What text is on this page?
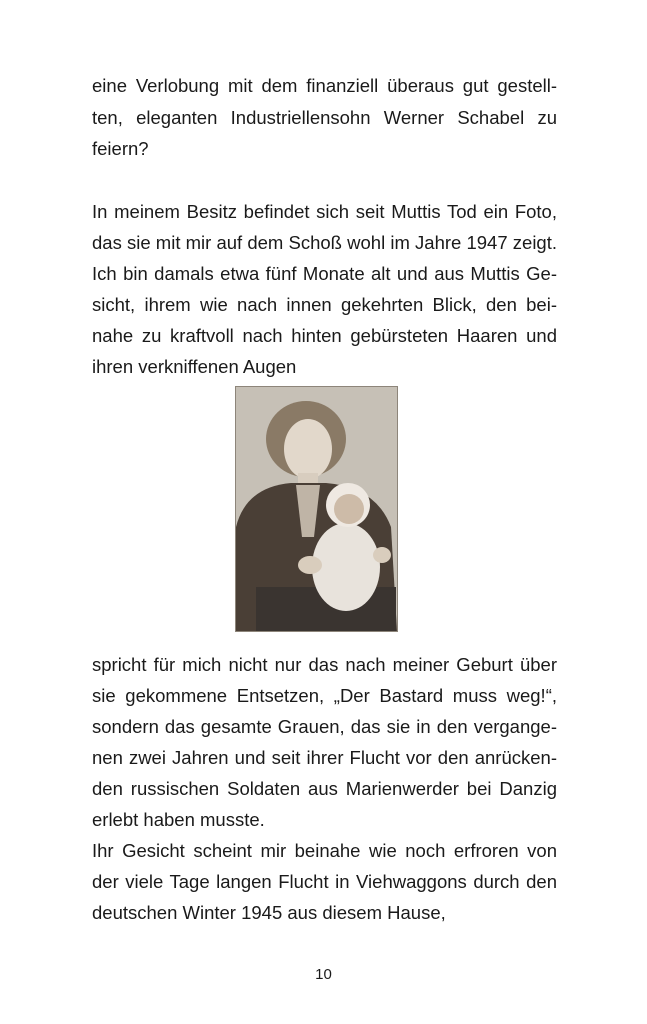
eine Verlobung mit dem finanziell überaus gut gestell-
ten, eleganten Industriellensohn Werner Schabel zu
feiern?
In meinem Besitz befindet sich seit Muttis Tod ein Foto,
das sie mit mir auf dem Schoß wohl im Jahre 1947 zeigt.
Ich bin damals etwa fünf Monate alt und aus Muttis Ge-
sicht, ihrem wie nach innen gekehrten Blick, den bei-
nahe zu kraftvoll nach hinten gebürsteten Haaren und
ihren verkniffenen Augen
spricht für mich nicht nur das nach meiner Geburt über
sie gekommene Entsetzen, „Der Bastard muss weg!“,
sondern das gesamte Grauen, das sie in den vergange-
nen zwei Jahren und seit ihrer Flucht vor den anrücken-
den russischen Soldaten aus Marienwerder bei Danzig
erlebt haben musste.
Ihr Gesicht scheint mir beinahe wie noch erfroren von
der viele Tage langen Flucht in Viehwaggons durch den
deutschen Winter 1945 aus diesem Hause,
10
